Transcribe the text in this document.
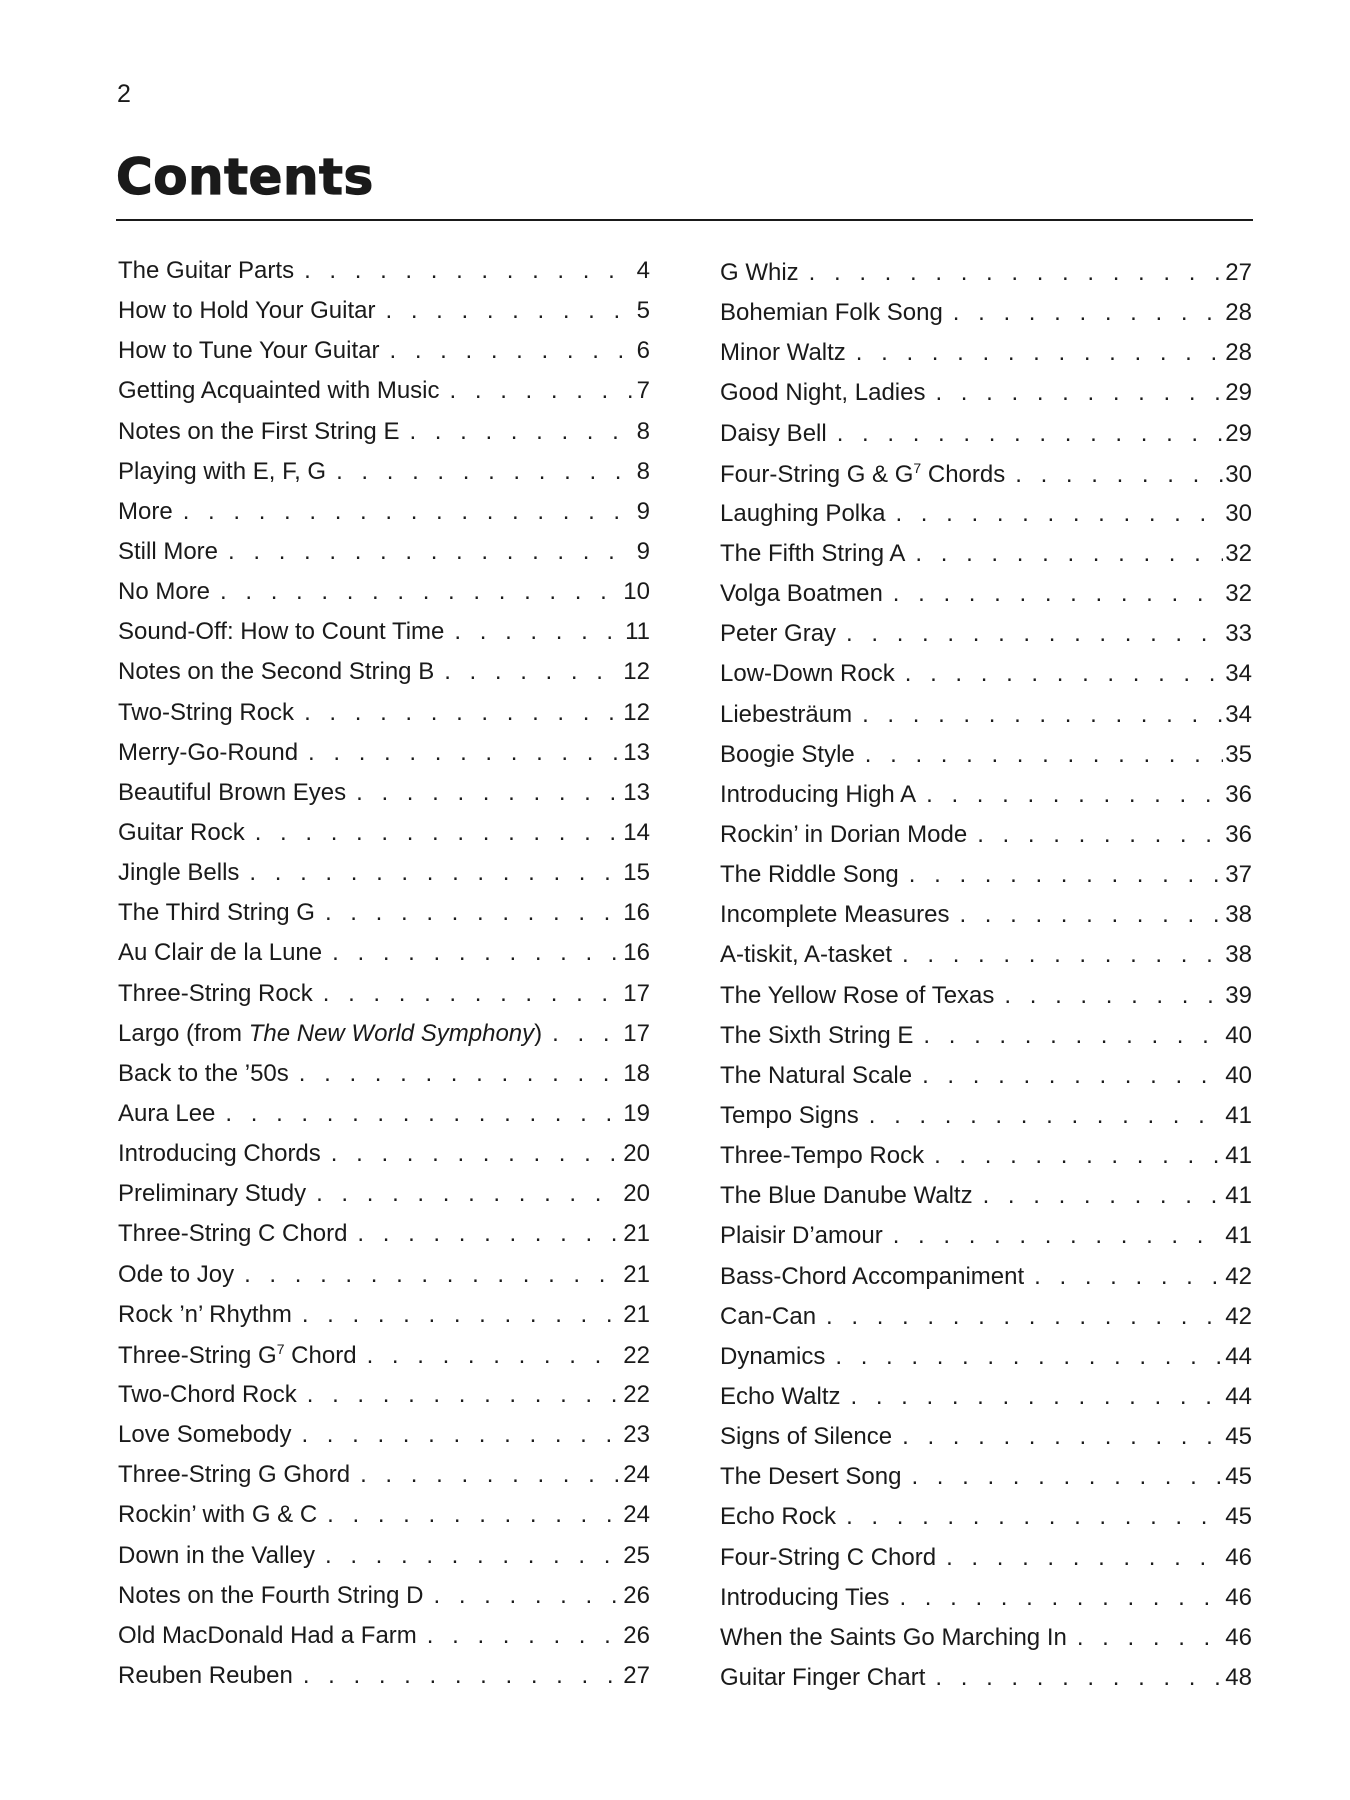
2
Contents
The Guitar Parts . . .	4
How to Hold Your Guitar . . .	5
How to Tune Your Guitar . . .	6
Getting Acquainted with Music . . .	7
Notes on the First String E . . .	8
Playing with E, F, G . . .	8
More . . .	9
Still More . . .	9
No More . . .	10
Sound-Off: How to Count Time . . .	11
Notes on the Second String B . . .	12
Two-String Rock . . .	12
Merry-Go-Round . . .	13
Beautiful Brown Eyes . . .	13
Guitar Rock . . .	14
Jingle Bells . . .	15
The Third String G . . .	16
Au Clair de la Lune . . .	16
Three-String Rock . . .	17
Largo (from The New World Symphony) . . .	17
Back to the ’50s . . .	18
Aura Lee . . .	19
Introducing Chords . . .	20
Preliminary Study . . .	20
Three-String C Chord . . .	21
Ode to Joy . . .	21
Rock ’n’ Rhythm . . .	21
Three-String $G^7$ Chord . . .	22
Two-Chord Rock . . .	22
Love Somebody . . .	23
Three-String G Ghord . . .	24
Rockin’ with G & C . . .	24
Down in the Valley . . .	25
Notes on the Fourth String D . . .	26
Old MacDonald Had a Farm . . .	26
Reuben Reuben . . .	27
G Whiz . . .	27
Bohemian Folk Song . . .	28
Minor Waltz . . .	28
Good Night, Ladies . . .	29
Daisy Bell . . .	29
Four-String G & $G^7$ Chords . . .	30
Laughing Polka . . .	30
The Fifth String A . . .	32
Volga Boatmen . . .	32
Peter Gray . . .	33
Low-Down Rock . . .	34
Liebesträum . . .	34
Boogie Style . . .	35
Introducing High A . . .	36
Rockin’ in Dorian Mode . . .	36
The Riddle Song . . .	37
Incomplete Measures . . .	38
A-tiskit, A-tasket . . .	38
The Yellow Rose of Texas . . .	39
The Sixth String E . . .	40
The Natural Scale . . .	40
Tempo Signs . . .	41
Three-Tempo Rock . . .	41
The Blue Danube Waltz . . .	41
Plaisir D’amour . . .	41
Bass-Chord Accompaniment . . .	42
Can-Can . . .	42
Dynamics . . .	44
Echo Waltz . . .	44
Signs of Silence . . .	45
The Desert Song . . .	45
Echo Rock . . .	45
Four-String C Chord . . .	46
Introducing Ties . . .	46
When the Saints Go Marching In . . .	46
Guitar Finger Chart . . .	48
